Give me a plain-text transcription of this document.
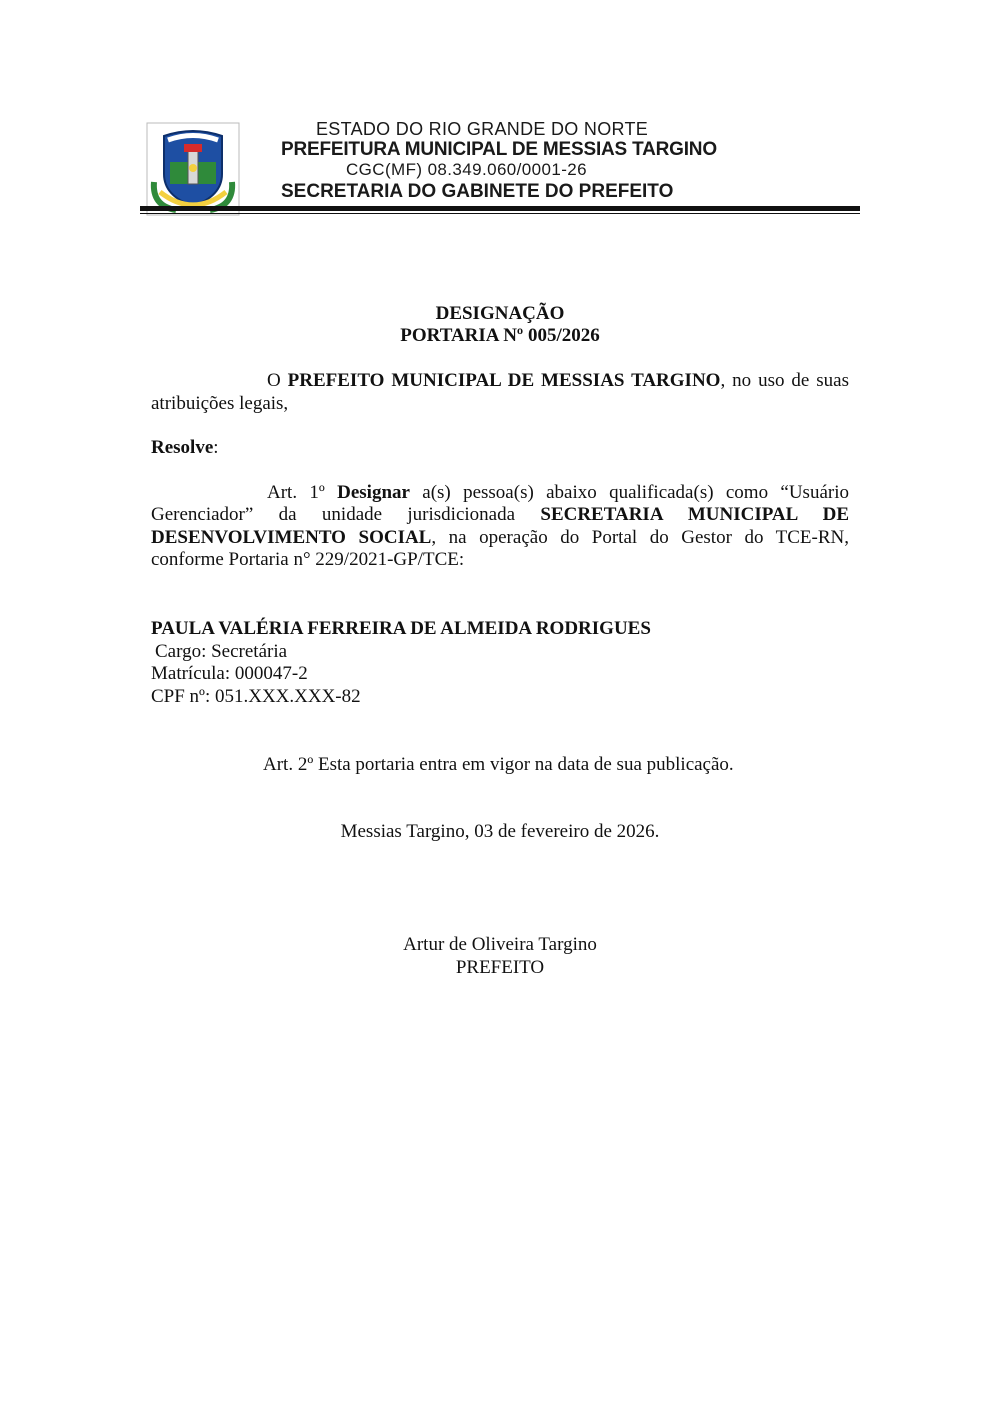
ESTADO DO RIO GRANDE DO NORTE
PREFEITURA MUNICIPAL DE MESSIAS TARGINO
CGC(MF) 08.349.060/0001-26
SECRETARIA DO GABINETE DO PREFEITO
DESIGNAÇÃO
PORTARIA Nº 005/2026
O PREFEITO MUNICIPAL DE MESSIAS TARGINO, no uso de suas
atribuições legais,
Resolve:
Art. 1º Designar a(s) pessoa(s) abaixo qualificada(s) como “Usuário
Gerenciador” da unidade jurisdicionada SECRETARIA MUNICIPAL DE
DESENVOLVIMENTO SOCIAL, na operação do Portal do Gestor do TCE-RN,
conforme Portaria n° 229/2021-GP/TCE:
PAULA VALÉRIA FERREIRA DE ALMEIDA RODRIGUES
Cargo: Secretária
Matrícula: 000047-2
CPF nº: 051.XXX.XXX-82
Art. 2º Esta portaria entra em vigor na data de sua publicação.
Messias Targino, 03 de fevereiro de 2026.
Artur de Oliveira Targino
PREFEITO
